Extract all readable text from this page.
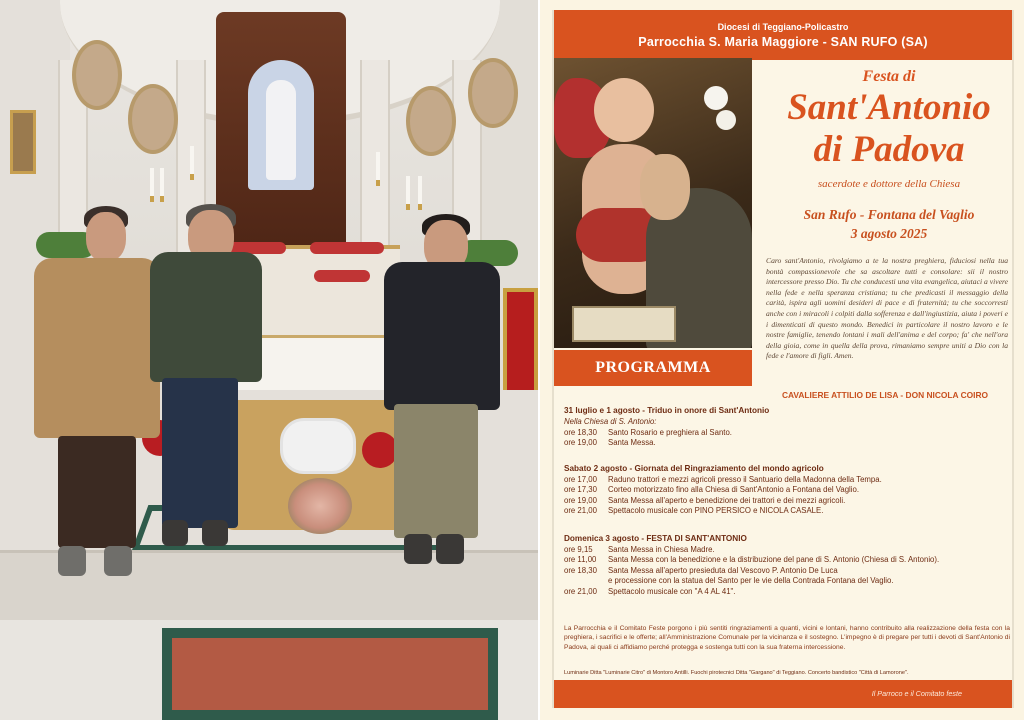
Diocesi di Teggiano-Policastro
Parrocchia S. Maria Maggiore - SAN RUFO (SA)
Festa di
Sant'Antonio
di Padova
sacerdote e dottore della Chiesa
San Rufo - Fontana del Vaglio
3 agosto 2025

Caro sant'Antonio, rivolgiamo a te la nostra preghiera, fiduciosi nella tua bontà compassionevole che sa ascoltare tutti e consolare: sii il nostro intercessore presso Dio. Tu che conducesti una vita evangelica, aiutaci a vivere nella fede e nella speranza cristiana; tu che predicasti il messaggio della carità, ispira agli uomini desideri di pace e di fraternità; tu che soccorresti anche con i miracoli i colpiti dalla sofferenza e dall'ingiustizia, aiuta i poveri e i dimenticati di questo mondo. Benedici in particolare il nostro lavoro e le nostre famiglie, tenendo lontani i mali dell'anima e del corpo; fa' che nell'ora della gioia, come in quella della prova, rimaniamo sempre uniti a Dio con la fede e l'amore di figli. Amen.

PROGRAMMA
CAVALIERE ATTILIO DE LISA - DON NICOLA COIRO
31 luglio e 1 agosto - Triduo in onore di Sant'Antonio
Nella Chiesa di S. Antonio:
ore 18,30	Santo Rosario e preghiera al Santo.
ore 19,00	Santa Messa.
Sabato 2 agosto - Giornata del Ringraziamento del mondo agricolo
ore 17,00	Raduno trattori e mezzi agricoli presso il Santuario della Madonna della Tempa.
ore 17,30	Corteo motorizzato fino alla Chiesa di Sant'Antonio a Fontana del Vaglio.
ore 19,00	Santa Messa all'aperto e benedizione dei trattori e dei mezzi agricoli.
ore 21,00	Spettacolo musicale con PINO PERSICO e NICOLA CASALE.
Domenica 3 agosto - FESTA DI SANT'ANTONIO
ore 9,15	Santa Messa in Chiesa Madre.
ore 11,00	Santa Messa con la benedizione e la distribuzione del pane di S. Antonio (Chiesa di S. Antonio).
ore 18,30	Santa Messa all'aperto presieduta dal Vescovo P. Antonio De Luca
e processione con la statua del Santo per le vie della Contrada Fontana del Vaglio.
ore 21,00	Spettacolo musicale con "A 4 AL 41".

La Parrocchia e il Comitato Feste porgono i più sentiti ringraziamenti a quanti, vicini e lontani, hanno contribuito alla realizzazione della festa con la preghiera, i sacrifici e le offerte; all'Amministrazione Comunale per la vicinanza e il sostegno. L'impegno è di pregare per tutti i devoti di Sant'Antonio di Padova, ai quali ci affidiamo perché protegga e sostenga tutti con la sua fraterna intercessione.

Luminarie Ditta "Luminarie Citro" di Montoro Antilli. Fuochi pirotecnici Ditta "Gargano" di Teggiano. Concerto bandistico "Città di Lamorone".
Il Parroco e il Comitato feste
